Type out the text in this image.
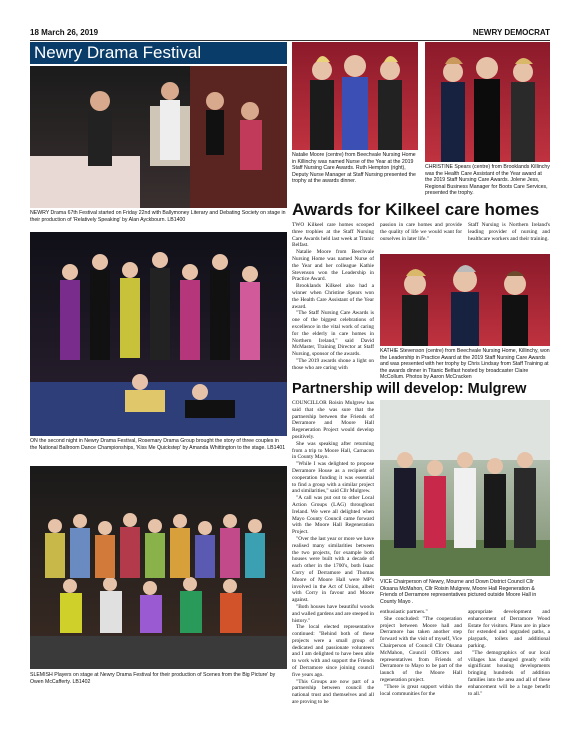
18 March 26, 2019	NEWRY DEMOCRAT
Newry Drama Festival
NEWRY Drama 67th Festival started on Friday 22nd with Ballymoney Literary and Debating Society on stage in their production of 'Relatively Speaking' by Alan Ayckbourn. LB1400
Natalie Moore (centre) from Beechvale Nursing Home in Killinchy was named Nurse of the Year at the 2019 Staff Nursing Care Awards. Ruth Hempton (right), Deputy Nurse Manager at Staff Nursing presented the trophy at the awards dinner.
CHRISTINE Spears (centre) from Brooklands Killinchy was the Health Care Assistant of the Year award at the 2019 Staff Nursing Care Awards. Jolene Jess, Regional Business Manager for Boots Care Services, presented the trophy.
ON the second night in Newry Drama Festival, Rosemary Drama Group brought the story of three couples in the National Ballroom Dance Championships, 'Kiss Me Quickstep' by Amanda Whittington to the stage. LB1401
SLEMISH Players on stage at Newry Drama Festival for their production of Scenes from the Big Picture' by Owen McCafferty. LB1402
Awards for Kilkeel care homes

TWO Kilkeel care homes scooped three trophies at the Staff Nursing Care Awards held last week at Titanic Belfast.

Natalie Moore from Beechvale Nursing Home was named Nurse of the Year and her colleague Kathie Stevenson won the Leadership in Practice Award.

Brooklands Kilkeel also had a winner when Christine Spears won the Health Care Assistant of the Year award.

"The Staff Nursing Care Awards is one of the biggest celebrations of excellence in the vital work of caring for the elderly in care homes in Northern Ireland," said David McMaster, Training Director at Staff Nursing, sponsor of the awards.

"The 2019 awards shone a light on those who are caring with

passion in care homes and provide the quality of life we would want for ourselves in later life."

Staff Nursing is Northern Ireland's leading provider of nursing and healthcare workers and their training.

KATHIE Stevenson (centre) from Beechvale Nursing Home, Killinchy, won the Leadership in Practice Award at the 2019 Staff Nursing Care Awards and was presented with her trophy by Chris Lindsay from Staff Training at the awards dinner in Titanic Belfast hosted by broadcaster Claire McCollum. Photos by Aaron McCracken
Partnership will develop: Mulgrew

COUNCILLOR Roisin Mulgrew has said that she was sure that the partnership between the Friends of Derramore and Moore Hall Regeneration Project would develop positively.

She was speaking after returning from a trip to Moore Hall, Carnacon in County Mayo.

"While I was delighted to propose Derramore House as a recipient of cooperation funding it was essential to find a group with a similar project and similarities," said Cllr Mulgrew.

"A call was put out to other Local Action Groups (LAG) throughout Ireland. We were all delighted when Mayo County Council came forward with the Moore Hall Regeneration Project.

"Over the last year or more we have realised many similarities between the two projects, for example both houses were built with a decade of each other in the 1700's, both Isaac Corry of Derramore and Thomas Moore of Moore Hall were MP's involved in the Act of Union, albeit with Corry in favour and Moore against.

"Both houses have beautiful woods and walled gardens and are steeped in history."

The local elected representative continued: "Behind both of these projects were a small group of dedicated and passionate volunteers and I am delighted to have been able to work with and support the Friends of Derramore since joining council five years ago.

"This Groups are now part of a partnership between council the national trust and themselves and all are proving to be

VICE Chairperson of Newry, Mourne and Down District Council Cllr Oksana McMahon, Cllr Roisin Mulgrew, Moore Hall Regeneration & Friends of Derramore representatives pictured outside Moore Hall in County Mayo .

enthusiastic partners."

She concluded: "The cooperation project between Moore hall and Derramore has taken another step forward with the visit of myself, Vice Chairperson of Council Cllr Oksana McMahon, Council Officers and representatives from Friends of Derramore to Mayo to be part of the launch of the Moore Hall regeneration project.

"There is great support within the local communities for the

appropriate development and enhancement of Derramore Wood Estate for visitors. Plans are in place for extended and upgraded paths, a playpark, toilets and additional parking.

"The demographics of our local villages has changed greatly with significant housing developments bringing hundreds of addition families into the area and all of these enhancement will be a huge benefit to all."
